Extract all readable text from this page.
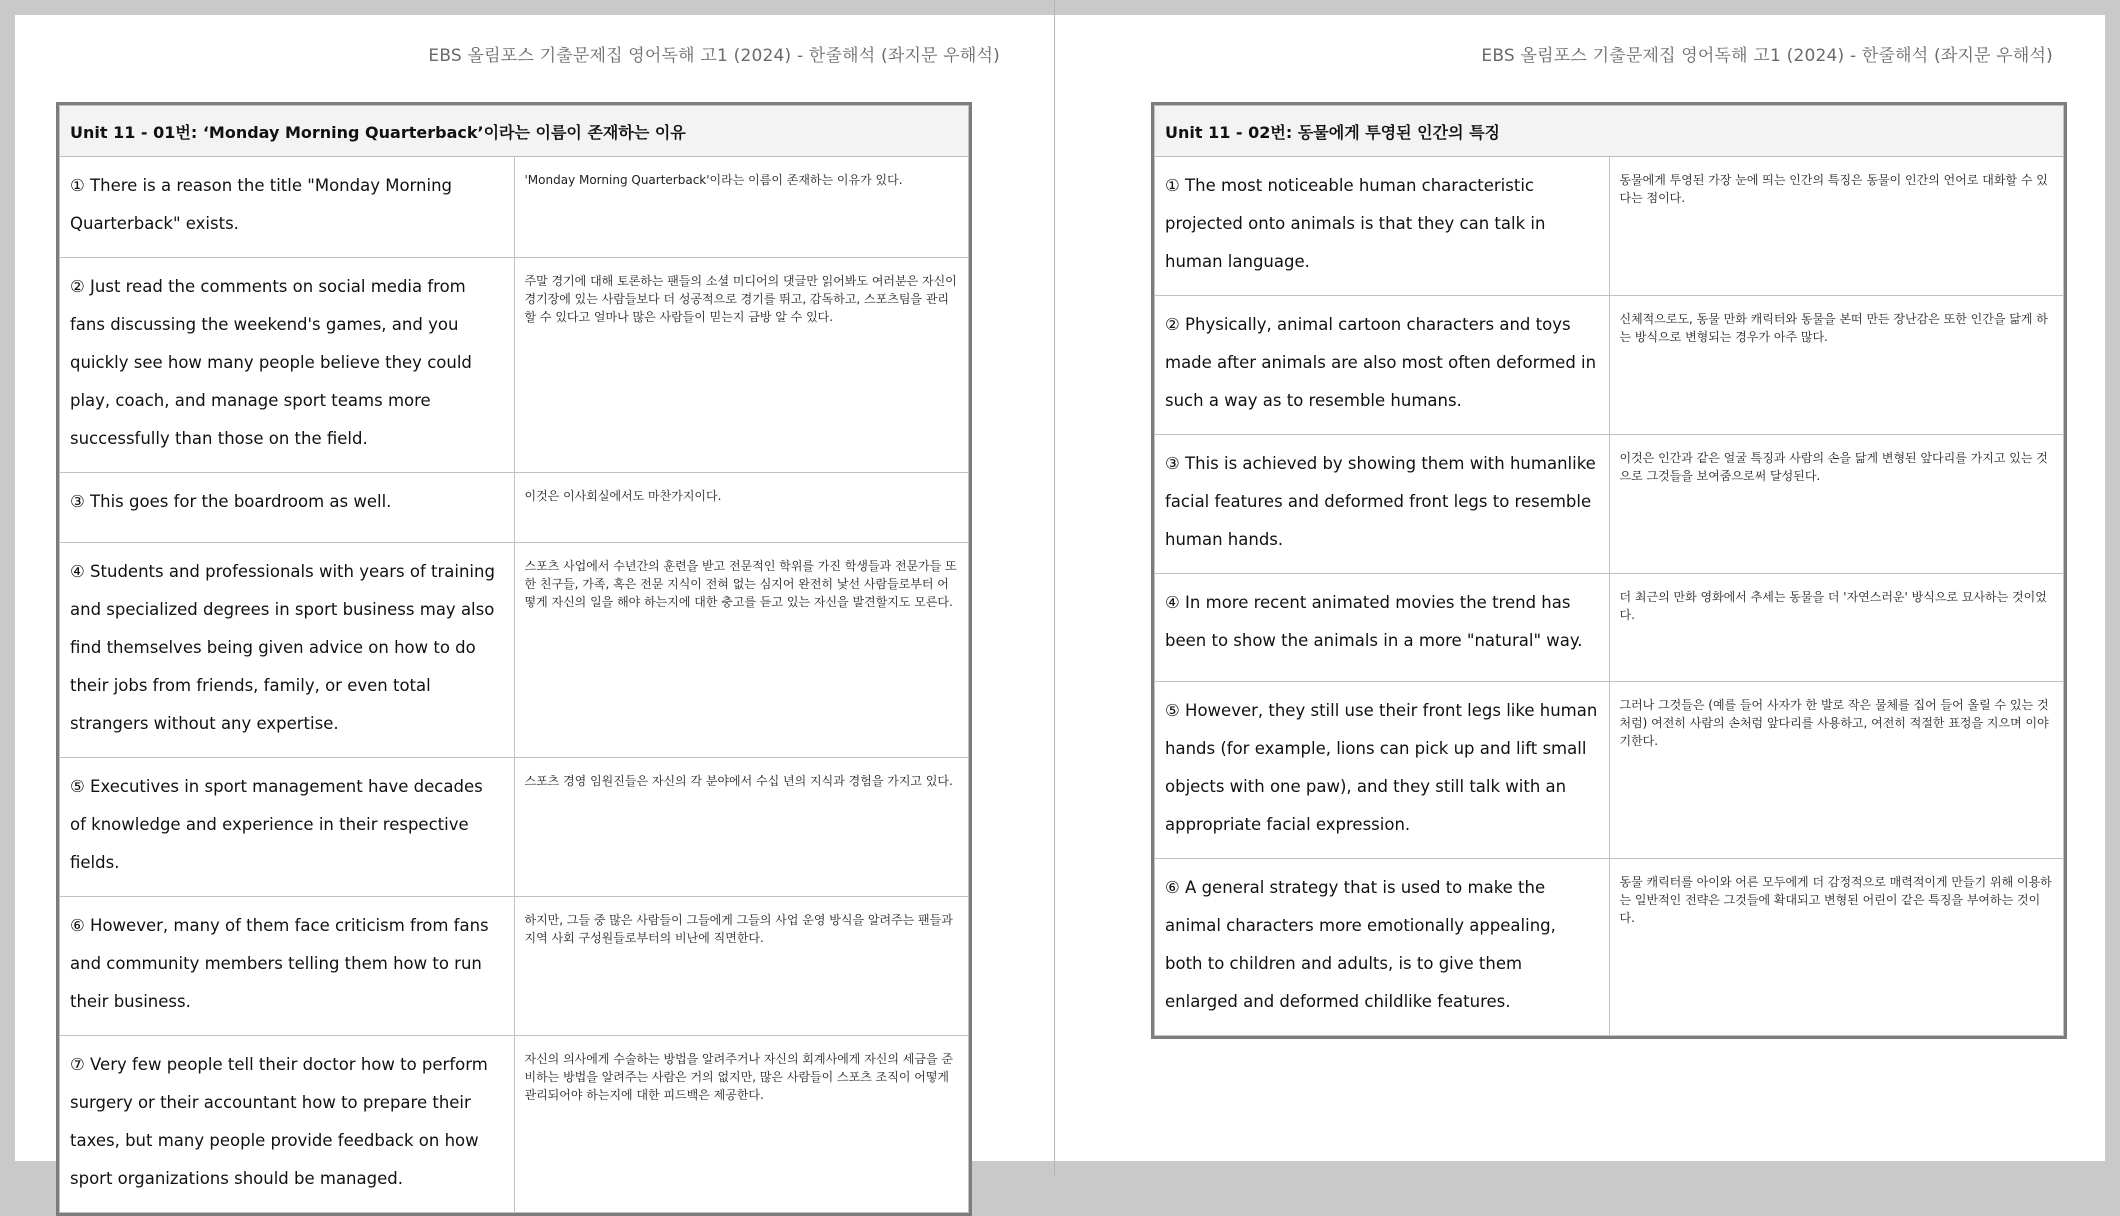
EBS 올림포스 기출문제집 영어독해 고1 (2024) - 한줄해석 (좌지문 우해석)
Unit 11 - 01번: ‘Monday Morning Quarterback’이라는 이름이 존재하는 이유	
① There is a reason the title "Monday Morning Quarterback" exists.	'Monday Morning Quarterback'이라는 이름이 존재하는 이유가 있다.
② Just read the comments on social media from fans discussing the weekend's games, and you quickly see how many people believe they could play, coach, and manage sport teams more successfully than those on the field.	주말 경기에 대해 토론하는 팬들의 소셜 미디어의 댓글만 읽어봐도 여러분은 자신이 경기장에 있는 사람들보다 더 성공적으로 경기를 뛰고, 감독하고, 스포츠팀을 관리할 수 있다고 얼마나 많은 사람들이 믿는지 금방 알 수 있다.
③ This goes for the boardroom as well.	이것은 이사회실에서도 마찬가지이다.
④ Students and professionals with years of training and specialized degrees in sport business may also find themselves being given advice on how to do their jobs from friends, family, or even total strangers without any expertise.	스포츠 사업에서 수년간의 훈련을 받고 전문적인 학위를 가진 학생들과 전문가들 또한 친구들, 가족, 혹은 전문 지식이 전혀 없는 심지어 완전히 낯선 사람들로부터 어떻게 자신의 일을 해야 하는지에 대한 충고를 듣고 있는 자신을 발견할지도 모른다.
⑤ Executives in sport management have decades of knowledge and experience in their respective fields.	스포츠 경영 임원진들은 자신의 각 분야에서 수십 년의 지식과 경험을 가지고 있다.
⑥ However, many of them face criticism from fans and community members telling them how to run their business.	하지만, 그들 중 많은 사람들이 그들에게 그들의 사업 운영 방식을 알려주는 팬들과 지역 사회 구성원들로부터의 비난에 직면한다.
⑦ Very few people tell their doctor how to perform surgery or their accountant how to prepare their taxes, but many people provide feedback on how sport organizations should be managed.	자신의 의사에게 수술하는 방법을 알려주거나 자신의 회계사에게 자신의 세금을 준비하는 방법을 알려주는 사람은 거의 없지만, 많은 사람들이 스포츠 조직이 어떻게 관리되어야 하는지에 대한 피드백은 제공한다.
EBS 올림포스 기출문제집 영어독해 고1 (2024) - 한줄해석 (좌지문 우해석)
Unit 11 - 02번: 동물에게 투영된 인간의 특징	
① The most noticeable human characteristic projected onto animals is that they can talk in human language.	동물에게 투영된 가장 눈에 띄는 인간의 특징은 동물이 인간의 언어로 대화할 수 있다는 점이다.
② Physically, animal cartoon characters and toys made after animals are also most often deformed in such a way as to resemble humans.	신체적으로도, 동물 만화 캐릭터와 동물을 본떠 만든 장난감은 또한 인간을 닮게 하는 방식으로 변형되는 경우가 아주 많다.
③ This is achieved by showing them with humanlike facial features and deformed front legs to resemble human hands.	이것은 인간과 같은 얼굴 특징과 사람의 손을 닮게 변형된 앞다리를 가지고 있는 것으로 그것들을 보여줌으로써 달성된다.
④ In more recent animated movies the trend has been to show the animals in a more "natural" way.	더 최근의 만화 영화에서 추세는 동물을 더 '자연스러운' 방식으로 묘사하는 것이었다.
⑤ However, they still use their front legs like human hands (for example, lions can pick up and lift small objects with one paw), and they still talk with an appropriate facial expression.	그러나 그것들은 (예를 들어 사자가 한 발로 작은 물체를 집어 들어 올릴 수 있는 것처럼) 여전히 사람의 손처럼 앞다리를 사용하고, 여전히 적절한 표정을 지으며 이야기한다.
⑥ A general strategy that is used to make the animal characters more emotionally appealing, both to children and adults, is to give them enlarged and deformed childlike features.	동물 캐릭터를 아이와 어른 모두에게 더 감정적으로 매력적이게 만들기 위해 이용하는 일반적인 전략은 그것들에 확대되고 변형된 어린이 같은 특징을 부여하는 것이다.
